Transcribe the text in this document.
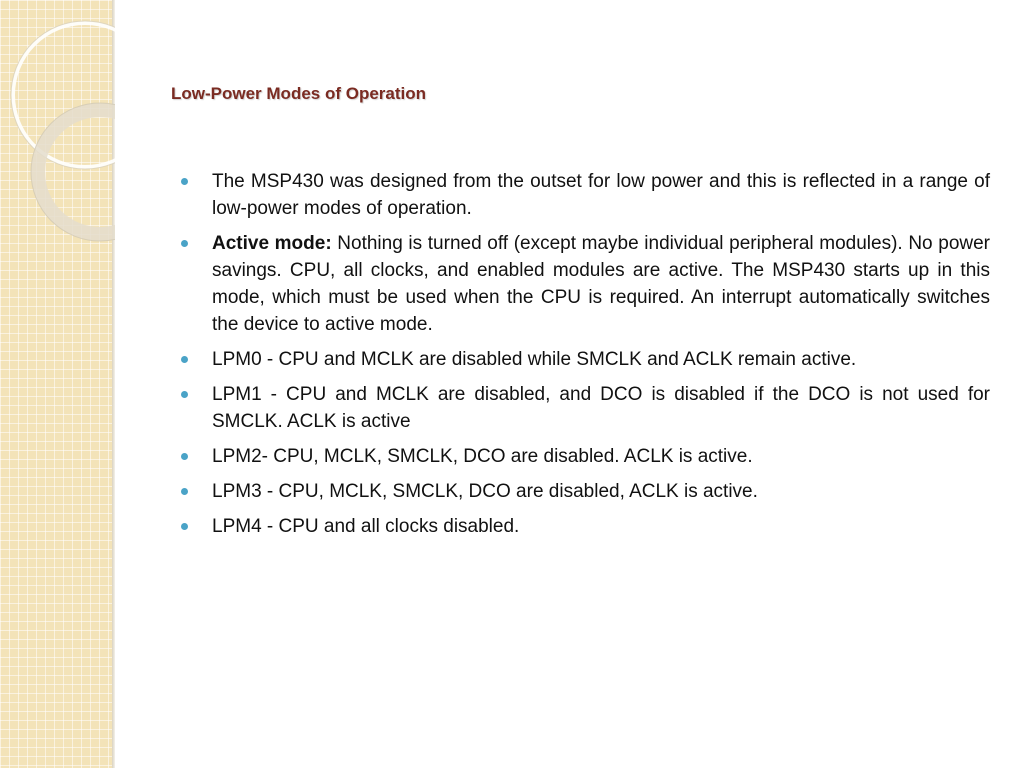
Low-Power Modes of Operation
The MSP430 was designed from the outset for low power and this is reflected in a range of low-power modes of operation.
Active mode: Nothing is turned off (except maybe individual peripheral modules). No power savings. CPU, all clocks, and enabled modules are active. The MSP430 starts up in this mode, which must be used when the CPU is required. An interrupt automatically switches the device to active mode.
LPM0 - CPU and MCLK are disabled while SMCLK and ACLK remain active.
LPM1 - CPU and MCLK are disabled, and DCO is disabled if the DCO is not used for SMCLK. ACLK is active
LPM2- CPU, MCLK, SMCLK, DCO are disabled. ACLK is active.
LPM3 - CPU, MCLK, SMCLK, DCO are disabled, ACLK is active.
LPM4 - CPU and all clocks disabled.
